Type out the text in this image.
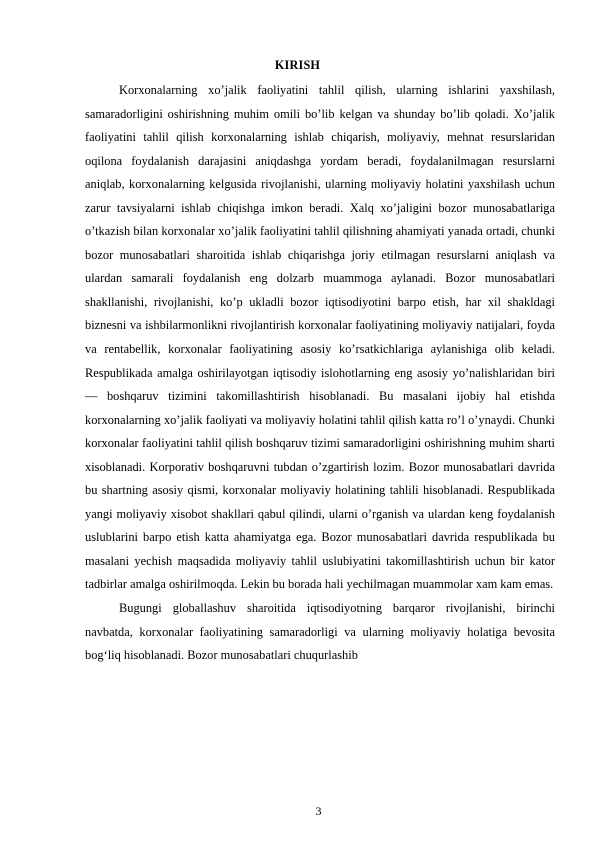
KIRISH

Korxonalarning xo’jalik faoliyatini tahlil qilish, ularning ishlarini yaxshilash, samaradorligini oshirishning muhim omili bo’lib kelgan va shunday bo’lib qoladi. Xo’jalik faoliyatini tahlil qilish korxonalarning ishlab chiqarish, moliyaviy, mehnat resurslaridan oqilona foydalanish darajasini aniqdashga yordam beradi, foydalanilmagan resurslarni aniqlab, korxonalarning kelgusida rivojlanishi, ularning moliyaviy holatini yaxshilash uchun zarur tavsiyalarni ishlab chiqishga imkon beradi. Xalq xo’jaligini bozor munosabatlariga o’tkazish bilan korxonalar xo’jalik faoliyatini tahlil qilishning ahamiyati yanada ortadi, chunki bozor munosabatlari sharoitida ishlab chiqarishga joriy etilmagan resurslarni aniqlash va ulardan samarali foydalanish eng dolzarb muammoga aylanadi. Bozor munosabatlari shakllanishi, rivojlanishi, ko’p ukladli bozor iqtisodiyotini barpo etish, har xil shakldagi biznesni va ishbilarmonlikni rivojlantirish korxonalar faoliyatining moliyaviy natijalari, foyda va rentabellik, korxonalar faoliyatining asosiy ko’rsatkichlariga aylanishiga olib keladi. Respublikada amalga oshirilayotgan iqtisodiy islohotlarning eng asosiy yo’nalishlaridan biri — boshqaruv tizimini takomillashtirish hisoblanadi. Bu masalani ijobiy hal etishda korxonalarning xo’jalik faoliyati va moliyaviy holatini tahlil qilish katta ro’l o’ynaydi. Chunki korxonalar faoliyatini tahlil qilish boshqaruv tizimi samaradorligini oshirishning muhim sharti xisoblanadi. Korporativ boshqaruvni tubdan o’zgartirish lozim. Bozor munosabatlari davrida bu shartning asosiy qismi, korxonalar moliyaviy holatining tahlili hisoblanadi. Respublikada yangi moliyaviy xisobot shakllari qabul qilindi, ularni o’rganish va ulardan keng foydalanish uslublarini barpo etish katta ahamiyatga ega. Bozor munosabatlari davrida respublikada bu masalani yechish maqsadida moliyaviy tahlil uslubiyatini takomillashtirish uchun bir kator tadbirlar amalga oshirilmoqda. Lekin bu borada hali yechilmagan muammolar xam kam emas.

Bugungi globallashuv sharoitida iqtisodiyotning barqaror rivojlanishi, birinchi navbatda, korxonalar faoliyatining samaradorligi va ularning moliyaviy holatiga bevosita bog‘liq hisoblanadi. Bozor munosabatlari chuqurlashib

3
